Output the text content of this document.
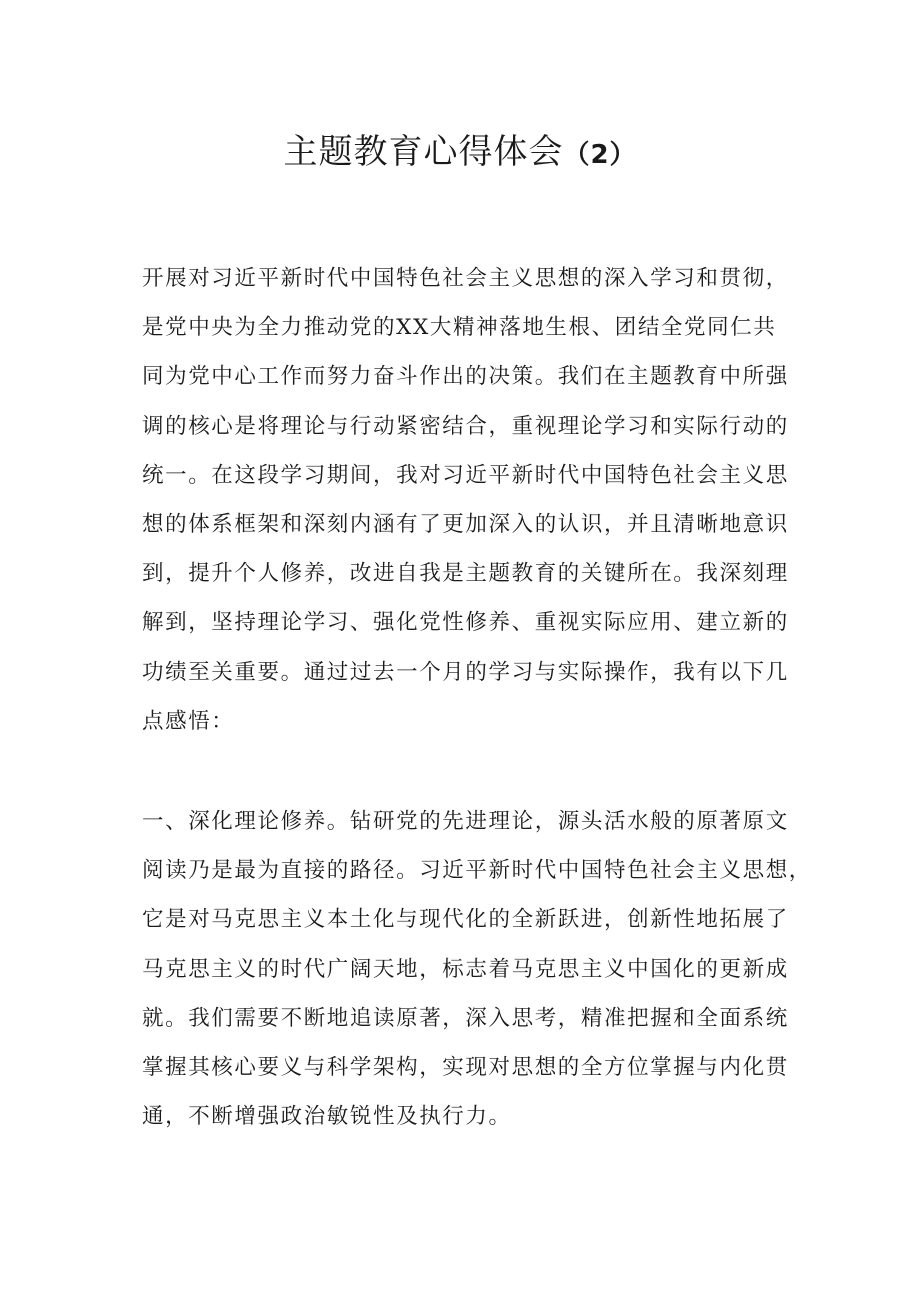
主题教育心得体会（2）
开展对习近平新时代中国特色社会主义思想的深入学习和贯彻，
是党中央为全力推动党的XX大精神落地生根、团结全党同仁共
同为党中心工作而努力奋斗作出的决策。我们在主题教育中所强
调的核心是将理论与行动紧密结合，重视理论学习和实际行动的
统一。在这段学习期间，我对习近平新时代中国特色社会主义思
想的体系框架和深刻内涵有了更加深入的认识，并且清晰地意识
到，提升个人修养，改进自我是主题教育的关键所在。我深刻理
解到，坚持理论学习、强化党性修养、重视实际应用、建立新的
功绩至关重要。通过过去一个月的学习与实际操作，我有以下几
点感悟：
一、深化理论修养。钻研党的先进理论，源头活水般的原著原文
阅读乃是最为直接的路径。习近平新时代中国特色社会主义思想，
它是对马克思主义本土化与现代化的全新跃进，创新性地拓展了
马克思主义的时代广阔天地，标志着马克思主义中国化的更新成
就。我们需要不断地追读原著，深入思考，精准把握和全面系统
掌握其核心要义与科学架构，实现对思想的全方位掌握与内化贯
通，不断增强政治敏锐性及执行力。
